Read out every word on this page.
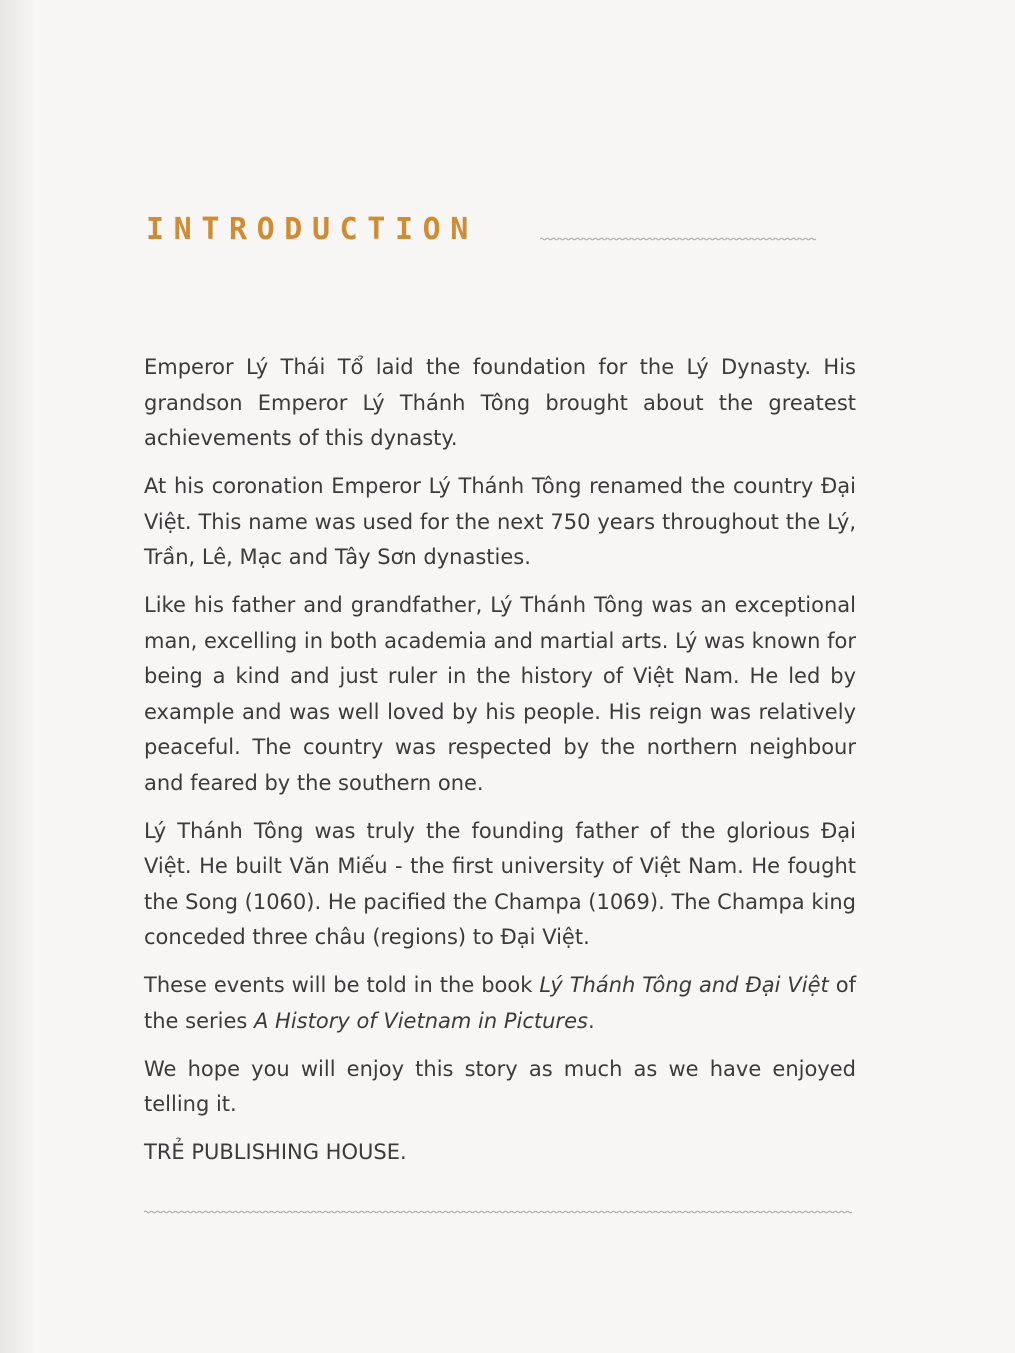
INTRODUCTION

Emperor Lý Thái Tổ laid the foundation for the Lý Dynasty. His grandson Emperor Lý Thánh Tông brought about the greatest achievements of this dynasty.

At his coronation Emperor Lý Thánh Tông renamed the country Đại Việt. This name was used for the next 750 years throughout the Lý, Trần, Lê, Mạc and Tây Sơn dynasties.

Like his father and grandfather, Lý Thánh Tông was an exceptional man, excelling in both academia and martial arts. Lý was known for being a kind and just ruler in the history of Việt Nam. He led by example and was well loved by his people. His reign was relatively peaceful. The country was respected by the northern neighbour and feared by the southern one.

Lý Thánh Tông was truly the founding father of the glorious Đại Việt. He built Văn Miếu - the first university of Việt Nam. He fought the Song (1060). He pacified the Champa (1069). The Champa king conceded three châu (regions) to Đại Việt.

These events will be told in the book Lý Thánh Tông and Đại Việt of the series A History of Vietnam in Pictures.

We hope you will enjoy this story as much as we have enjoyed telling it.

TRẺ PUBLISHING HOUSE.
